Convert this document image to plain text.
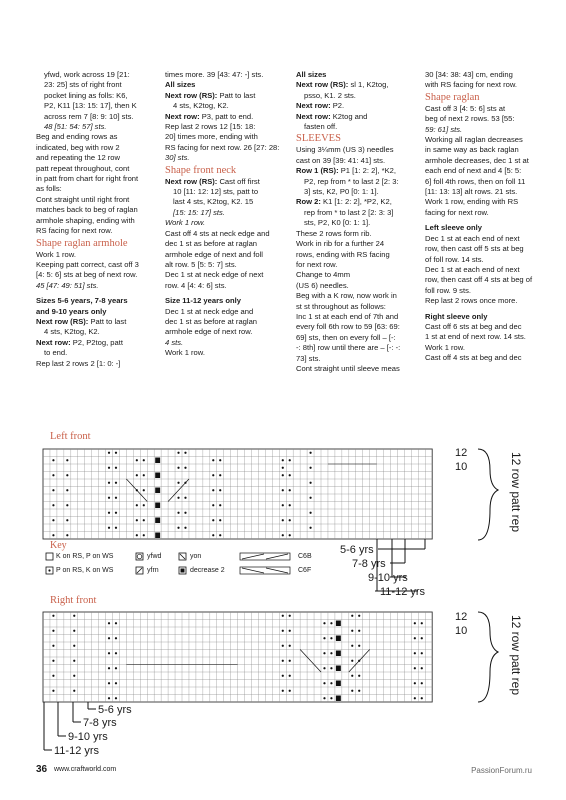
yfwd, work across 19 [21:

23: 25] sts of right front

pocket lining as folls: K6,

P2, K11 [13: 15: 17], then K

across rem 7 [8: 9: 10] sts.

48 [51: 54: 57] sts.

Beg and ending rows as

indicated, beg with row 2

and repeating the 12 row

patt repeat throughout, cont

in patt from chart for right front

as folls:

Cont straight until right front

matches back to beg of raglan

armhole shaping, ending with

RS facing for next row.

Shape raglan armhole

Work 1 row.

Keeping patt correct, cast off 3

[4: 5: 6] sts at beg of next row.

45 [47: 49: 51] sts.

Sizes 5-6 years, 7-8 years

and 9-10 years only

Next row (RS): Patt to last

4 sts, K2tog, K2.

Next row: P2, P2tog, patt

to end.

Rep last 2 rows 2 [1: 0: -]

times more. 39 [43: 47: -] sts.

All sizes

Next row (RS): Patt to last

4 sts, K2tog, K2.

Next row: P3, patt to end.

Rep last 2 rows 12 [15: 18:

20] times more, ending with

RS facing for next row. 26 [27: 28:

30] sts.

Shape front neck

Next row (RS): Cast off first

10 [11: 12: 12] sts, patt to

last 4 sts, K2tog, K2. 15

[15: 15: 17] sts.

Work 1 row.

Cast off 4 sts at neck edge and

dec 1 st as before at raglan

armhole edge of next and foll

alt row. 5 [5: 5: 7] sts.

Dec 1 st at neck edge of next

row. 4 [4: 4: 6] sts.

Size 11-12 years only

Dec 1 st at neck edge and

dec 1 st as before at raglan

armhole edge of next row.

4 sts.

Work 1 row.

All sizes

Next row (RS): sl 1, K2tog,

psso, K1. 2 sts.

Next row: P2.

Next row: K2tog and

fasten off.

SLEEVES

Using 3¼mm (US 3) needles

cast on 39 [39: 41: 41] sts.

Row 1 (RS): P1 [1: 2: 2], *K2,

P2, rep from * to last 2 [2: 3:

3] sts, K2, P0 [0: 1: 1].

Row 2: K1 [1: 2: 2], *P2, K2,

rep from * to last 2 [2: 3: 3]

sts, P2, K0 [0: 1: 1].

These 2 rows form rib.

Work in rib for a further 24

rows, ending with RS facing

for next row.

Change to 4mm

(US 6) needles.

Beg with a K row, now work in

st st throughout as follows:

Inc 1 st at each end of 7th and

every foll 6th row to 59 [63: 69:

69] sts, then on every foll – [-:

-: 8th] row until there are – [-: -:

73] sts.

Cont straight until sleeve meas

30 [34: 38: 43] cm, ending

with RS facing for next row.

Shape raglan

Cast off 3 [4: 5: 6] sts at

beg of next 2 rows. 53 [55:

59: 61] sts.

Working all raglan decreases

in same way as back raglan

armhole decreases, dec 1 st at

each end of next and 4 [5: 5:

6] foll 4th rows, then on foll 11

[11: 13: 13] alt rows. 21 sts.

Work 1 row, ending with RS

facing for next row.

Left sleeve only

Dec 1 st at each end of next

row, then cast off 5 sts at beg

of foll row. 14 sts.

Dec 1 st at each end of next

row, then cast off 4 sts at beg of

foll row. 9 sts.

Rep last 2 rows once more.

Right sleeve only

Cast off 6 sts at beg and dec

1 st at end of next row. 14 sts.

Work 1 row.

Cast off 4 sts at beg and dec

Left front
Right front
Key
12
10	12 row patt rep
5-6 yrs
7-8 yrs
9-10 yrs
11-12 yrs
12
10	12 row patt rep
5-6 yrs
7-8 yrs
9-10 yrs
11-12 yrs
K on RS, P on WS
P on RS, K on WS
yfwd
yfrn
yon
decrease 2
C6B
C6F
36 www.craftworld.com	PassionForum.ru
